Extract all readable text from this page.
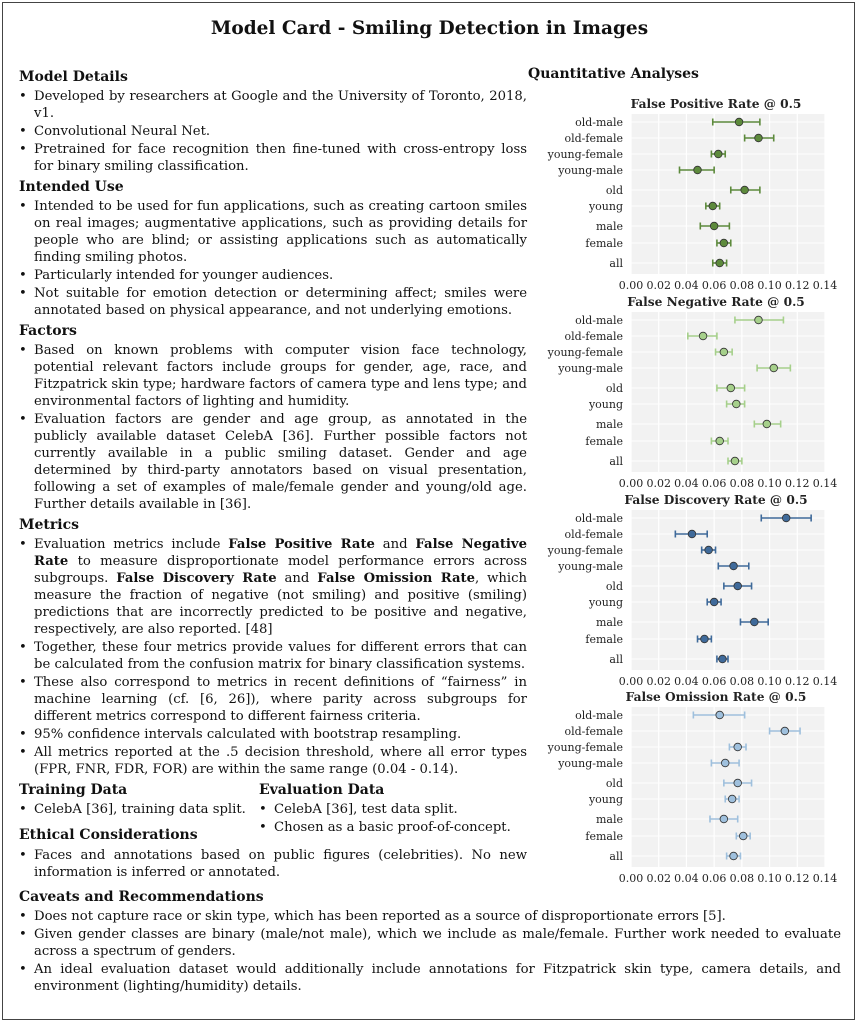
Model Card - Smiling Detection in Images
Model Details
• Developed by researchers at Google and the University of Toronto, 2018, v1.
• Convolutional Neural Net.
• Pretrained for face recognition then fine-tuned with cross-entropy loss for binary smiling classification.
Intended Use
• Intended to be used for fun applications, such as creating cartoon smiles on real images; augmentative applications, such as providing details for people who are blind; or assisting applications such as automatically finding smiling photos.
• Particularly intended for younger audiences.
• Not suitable for emotion detection or determining affect; smiles were annotated based on physical appearance, and not underlying emotions.
Factors
• Based on known problems with computer vision face technology, potential relevant factors include groups for gender, age, race, and Fitzpatrick skin type; hardware factors of camera type and lens type; and environmental factors of lighting and humidity.
• Evaluation factors are gender and age group, as annotated in the publicly available dataset CelebA [36]. Further possible factors not currently available in a public smiling dataset. Gender and age determined by third-party annotators based on visual presentation, following a set of examples of male/female gender and young/old age. Further details available in [36].
Metrics
• Evaluation metrics include False Positive Rate and False Negative Rate to measure disproportionate model performance errors across subgroups. False Discovery Rate and False Omission Rate, which measure the fraction of negative (not smiling) and positive (smiling) predictions that are incorrectly predicted to be positive and negative, respectively, are also reported. [48]
• Together, these four metrics provide values for different errors that can be calculated from the confusion matrix for binary classification systems.
• These also correspond to metrics in recent definitions of “fairness” in machine learning (cf. [6, 26]), where parity across subgroups for different metrics correspond to different fairness criteria.
• 95% confidence intervals calculated with bootstrap resampling.
• All metrics reported at the .5 decision threshold, where all error types (FPR, FNR, FDR, FOR) are within the same range (0.04 - 0.14).
Training Data
• CelebA [36], training data split.
Ethical Considerations
Evaluation Data
• CelebA [36], test data split.
• Chosen as a basic proof-of-concept.
• Faces and annotations based on public figures (celebrities). No new information is inferred or annotated.
Caveats and Recommendations
• Does not capture race or skin type, which has been reported as a source of disproportionate errors [5].
• Given gender classes are binary (male/not male), which we include as male/female. Further work needed to evaluate across a spectrum of genders.
• An ideal evaluation dataset would additionally include annotations for Fitzpatrick skin type, camera details, and environment (lighting/humidity) details.
Quantitative Analyses
False Positive Rate @ 0.5
0.00 0.02 0.04 0.06 0.08 0.10 0.12 0.14
old-male
old-female
young-female
young-male
old
young
male
female
all
False Negative Rate @ 0.5
0.00 0.02 0.04 0.06 0.08 0.10 0.12 0.14
old-male
old-female
young-female
young-male
old
young
male
female
all
False Discovery Rate @ 0.5
0.00 0.02 0.04 0.06 0.08 0.10 0.12 0.14
old-male
old-female
young-female
young-male
old
young
male
female
all
False Omission Rate @ 0.5
0.00 0.02 0.04 0.06 0.08 0.10 0.12 0.14
old-male
old-female
young-female
young-male
old
young
male
female
all
